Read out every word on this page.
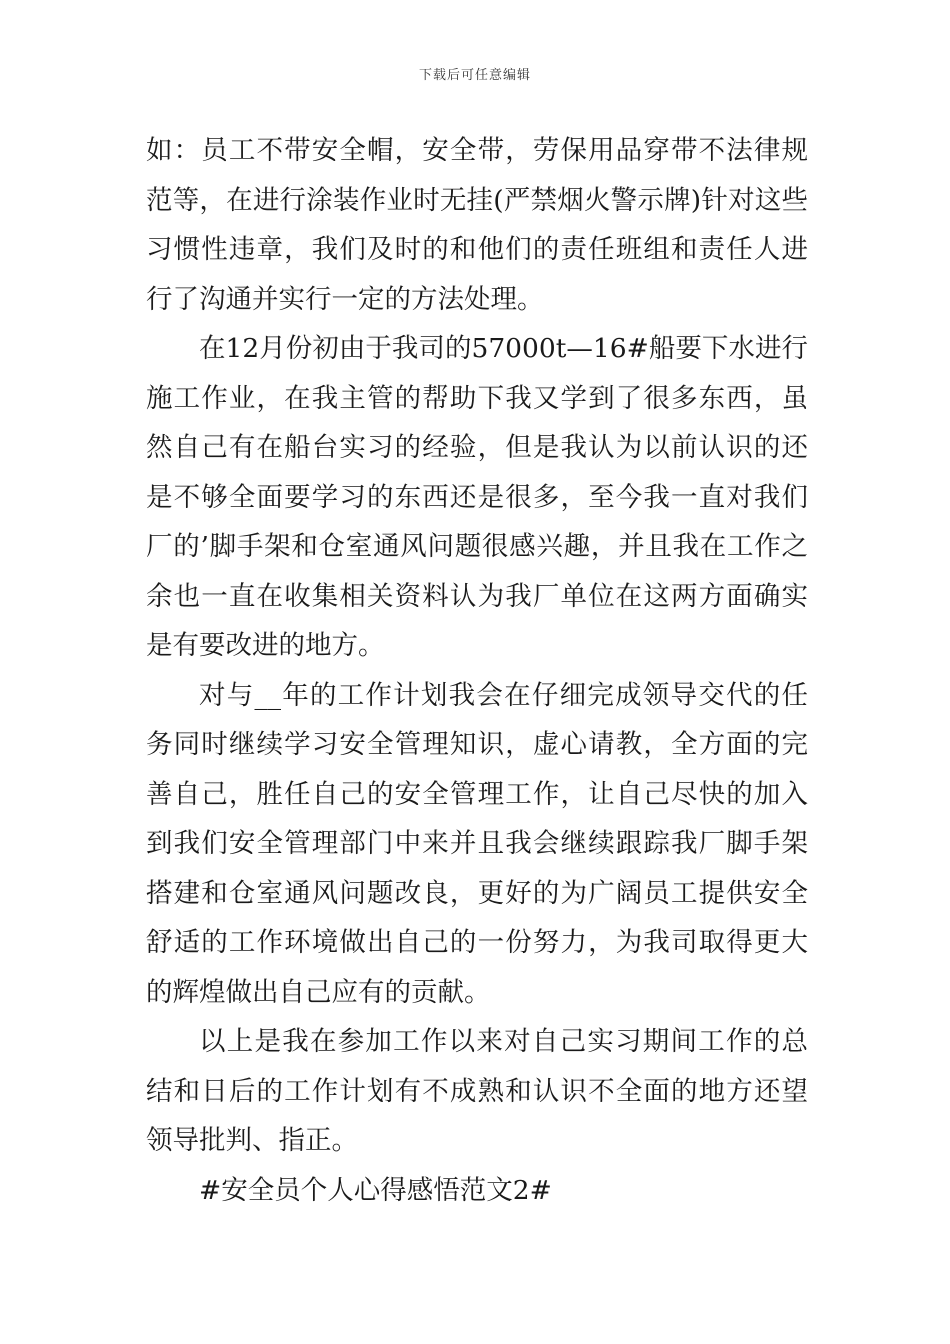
下载后可任意编辑

如：员工不带安全帽，安全带，劳保用品穿带不法律规范等，在进行涂装作业时无挂(严禁烟火警示牌)针对这些习惯性违章，我们及时的和他们的责任班组和责任人进行了沟通并实行一定的方法处理。

在12月份初由于我司的57000t—16#船要下水进行施工作业，在我主管的帮助下我又学到了很多东西，虽然自己有在船台实习的经验，但是我认为以前认识的还是不够全面要学习的东西还是很多，至今我一直对我们厂的’脚手架和仓室通风问题很感兴趣，并且我在工作之余也一直在收集相关资料认为我厂单位在这两方面确实是有要改进的地方。

对与__年的工作计划我会在仔细完成领导交代的任务同时继续学习安全管理知识，虚心请教，全方面的完善自己，胜任自己的安全管理工作，让自己尽快的加入到我们安全管理部门中来并且我会继续跟踪我厂脚手架搭建和仓室通风问题改良，更好的为广阔员工提供安全舒适的工作环境做出自己的一份努力，为我司取得更大的辉煌做出自己应有的贡献。

以上是我在参加工作以来对自己实习期间工作的总结和日后的工作计划有不成熟和认识不全面的地方还望领导批判、指正。

#安全员个人心得感悟范文2#
